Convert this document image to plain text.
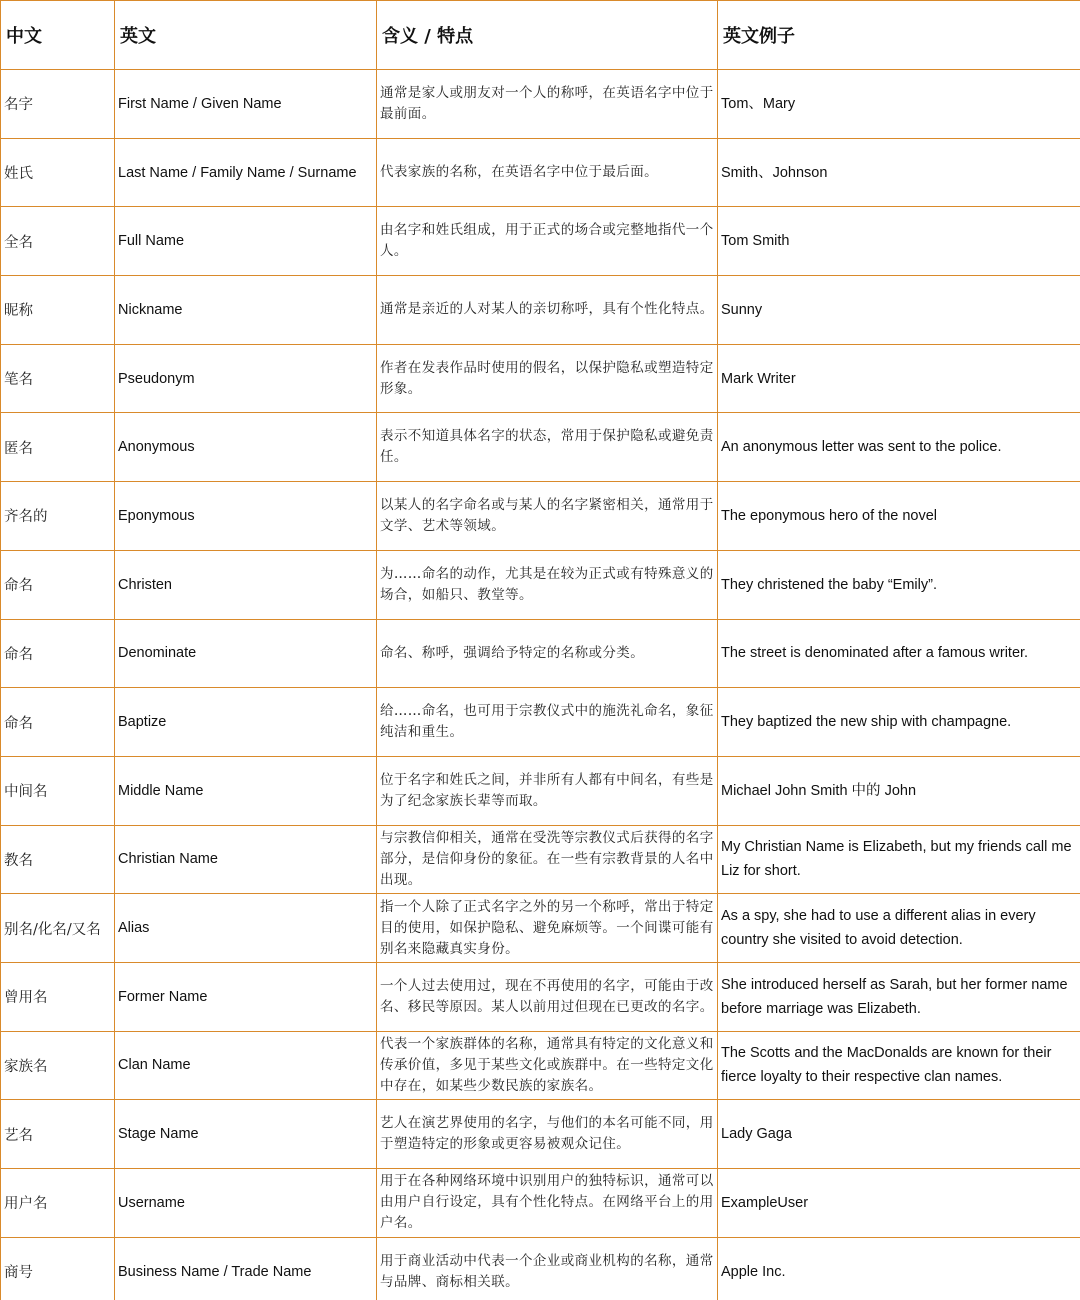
中文	英文	含义 / 特点	英文例子
名字	First Name / Given Name	通常是家人或朋友对一个人的称呼，在英语名字中位于最前面。	Tom、Mary
姓氏	Last Name / Family Name / Surname	代表家族的名称，在英语名字中位于最后面。	Smith、Johnson
全名	Full Name	由名字和姓氏组成，用于正式的场合或完整地指代一个人。	Tom Smith
昵称	Nickname	通常是亲近的人对某人的亲切称呼，具有个性化特点。	Sunny
笔名	Pseudonym	作者在发表作品时使用的假名，以保护隐私或塑造特定形象。	Mark Writer
匿名	Anonymous	表示不知道具体名字的状态，常用于保护隐私或避免责任。	An anonymous letter was sent to the police.
齐名的	Eponymous	以某人的名字命名或与某人的名字紧密相关，通常用于文学、艺术等领域。	The eponymous hero of the novel
命名	Christen	为……命名的动作，尤其是在较为正式或有特殊意义的场合，如船只、教堂等。	They christened the baby “Emily”.
命名	Denominate	命名、称呼，强调给予特定的名称或分类。	The street is denominated after a famous writer.
命名	Baptize	给……命名，也可用于宗教仪式中的施洗礼命名，象征纯洁和重生。	They baptized the new ship with champagne.
中间名	Middle Name	位于名字和姓氏之间，并非所有人都有中间名，有些是为了纪念家族长辈等而取。	Michael John Smith 中的 John
教名	Christian Name	与宗教信仰相关，通常在受洗等宗教仪式后获得的名字部分，是信仰身份的象征。在一些有宗教背景的人名中出现。	My Christian Name is Elizabeth, but my friends call me Liz for short.
别名/化名/又名	Alias	指一个人除了正式名字之外的另一个称呼，常出于特定目的使用，如保护隐私、避免麻烦等。一个间谍可能有别名来隐藏真实身份。	As a spy, she had to use a different alias in every country she visited to avoid detection.
曾用名	Former Name	一个人过去使用过，现在不再使用的名字，可能由于改名、移民等原因。某人以前用过但现在已更改的名字。	She introduced herself as Sarah, but her former name before marriage was Elizabeth.
家族名	Clan Name	代表一个家族群体的名称，通常具有特定的文化意义和传承价值，多见于某些文化或族群中。在一些特定文化中存在，如某些少数民族的家族名。	The Scotts and the MacDonalds are known for their fierce loyalty to their respective clan names.
艺名	Stage Name	艺人在演艺界使用的名字，与他们的本名可能不同，用于塑造特定的形象或更容易被观众记住。	Lady Gaga
用户名	Username	用于在各种网络环境中识别用户的独特标识，通常可以由用户自行设定，具有个性化特点。在网络平台上的用户名。	ExampleUser
商号	Business Name / Trade Name	用于商业活动中代表一个企业或商业机构的名称，通常与品牌、商标相关联。	Apple Inc.
